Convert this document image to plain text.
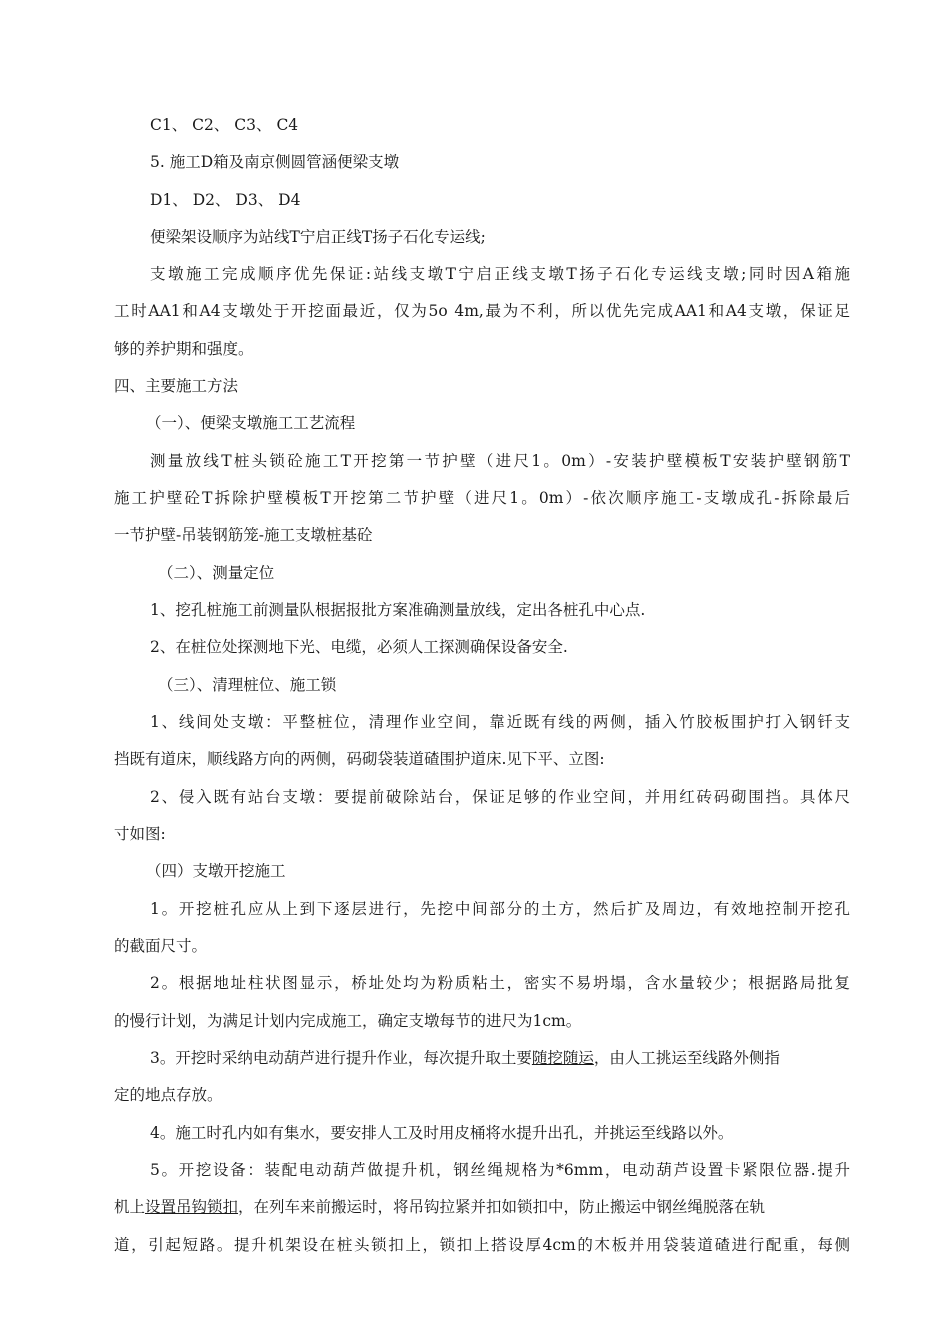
C1、 C2、 C3、 C4
5. 施工D箱及南京侧圆管涵便梁支墩
D1、 D2、 D3、 D4
便梁架设顺序为站线T宁启正线T扬子石化专运线;
支墩施工完成顺序优先保证:站线支墩T宁启正线支墩T扬子石化专运线支墩;同时因A箱施
工时AA1和A4支墩处于开挖面最近，仅为5o 4m,最为不利，所以优先完成AA1和A4支墩，保证足
够的养护期和强度。
四、主要施工方法
（一）、便梁支墩施工工艺流程
测量放线T桩头锁砼施工T开挖第一节护壁（进尺1。0m）-安装护壁模板T安装护壁钢筋T
施工护壁砼T拆除护壁模板T开挖第二节护壁（进尺1。0m）-依次顺序施工-支墩成孔-拆除最后
一节护壁-吊装钢筋笼-施工支墩桩基砼
（二）、测量定位
1、挖孔桩施工前测量队根据报批方案准确测量放线，定出各桩孔中心点.
2、在桩位处探测地下光、电缆，必须人工探测确保设备安全.
（三）、清理桩位、施工锁
1、线间处支墩：平整桩位，清理作业空间，靠近既有线的两侧，插入竹胶板围护打入钢钎支
挡既有道床，顺线路方向的两侧，码砌袋装道碴围护道床.见下平、立图:
2、侵入既有站台支墩：要提前破除站台，保证足够的作业空间，并用红砖码砌围挡。具体尺
寸如图:
（四）支墩开挖施工
1。开挖桩孔应从上到下逐层进行，先挖中间部分的土方，然后扩及周边，有效地控制开挖孔
的截面尺寸。
2。根据地址柱状图显示，桥址处均为粉质粘土，密实不易坍塌，含水量较少；根据路局批复
的慢行计划，为满足计划内完成施工，确定支墩每节的进尺为1cm。
3。开挖时采纳电动葫芦进行提升作业，每次提升取土要随挖随运，由人工挑运至线路外侧指
定的地点存放。
4。施工时孔内如有集水，要安排人工及时用皮桶将水提升出孔，并挑运至线路以外。
5。开挖设备：装配电动葫芦做提升机，钢丝绳规格为*6mm，电动葫芦设置卡紧限位器.提升
机上设置吊钩锁扣，在列车来前搬运时，将吊钩拉紧并扣如锁扣中，防止搬运中钢丝绳脱落在轨
道，引起短路。提升机架设在桩头锁扣上，锁扣上搭设厚4cm的木板并用袋装道碴进行配重，每侧
